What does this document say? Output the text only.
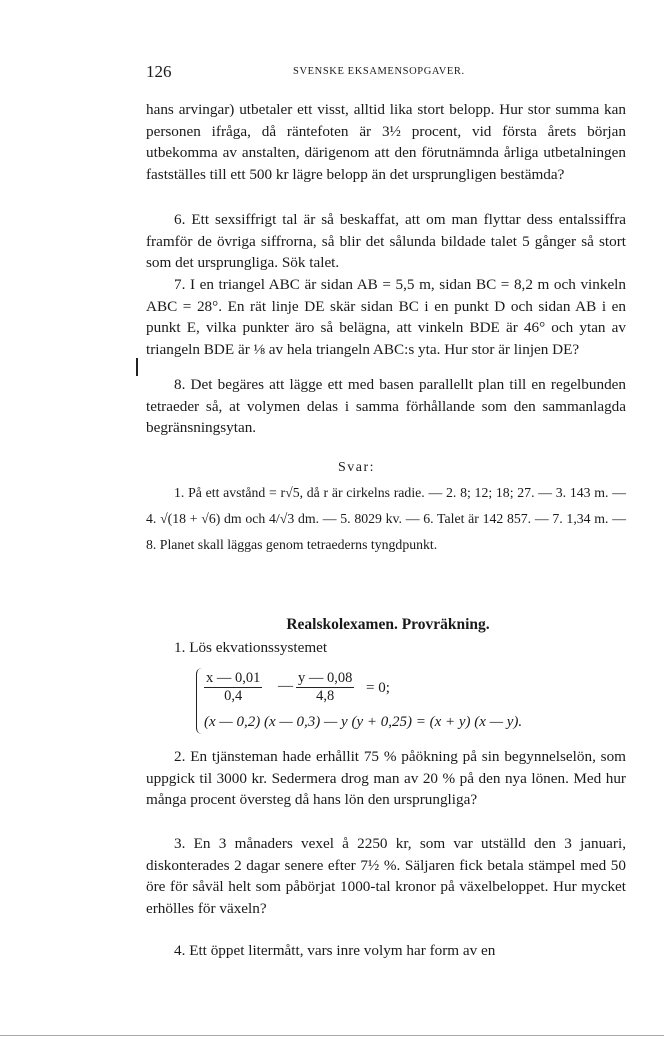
126	SVENSKE EKSAMENSOPGAVER.

hans arvingar) utbetaler ett visst, alltid lika stort belopp. Hur stor summa kan personen ifråga, då räntefoten är 3½ procent, vid första årets början utbekomma av anstalten, därigenom att den förutnämnda årliga utbetalningen fastställes till ett 500 kr lägre belopp än det ursprungligen bestämda?

6. Ett sexsiffrigt tal är så beskaffat, att om man flyttar dess entalssiffra framför de övriga siffrorna, så blir det sålunda bildade talet 5 gånger så stort som det ursprungliga. Sök talet.

7. I en triangel ABC är sidan AB = 5,5 m, sidan BC = 8,2 m och vinkeln ABC = 28°. En rät linje DE skär sidan BC i en punkt D och sidan AB i en punkt E, vilka punkter äro så belägna, att vinkeln BDE är 46° och ytan av triangeln BDE är ⅛ av hela triangeln ABC:s yta. Hur stor är linjen DE?

8. Det begäres att lägge ett med basen parallellt plan till en regelbunden tetraeder så, at volymen delas i samma förhållande som den sammanlagda begränsningsytan.

Svar:

1. På ett avstånd = r√5, då r är cirkelns radie. — 2. 8; 12; 18; 27. — 3. 143 m. — 4. √(18 + √6) dm och 4/√3 dm. — 5. 8029 kv. — 6. Talet är 142 857. — 7. 1,34 m. — 8. Planet skall läggas genom tetraederns tyngdpunkt.

Realskolexamen. Provräkning.

1. Lös ekvationssystemet

$\frac{x — 0,01}{0,4}$ — $\frac{y — 0,08}{4,8} = 0$;
(x — 0,2) (x — 0,3) — y (y + 0,25) = (x + y) (x — y).

2. En tjänsteman hade erhållit 75 % påökning på sin begynnelselön, som uppgick til 3000 kr. Sedermera drog man av 20 % på den nya lönen. Med hur många procent översteg då hans lön den ursprungliga?

3. En 3 månaders vexel å 2250 kr, som var utställd den 3 januari, diskonterades 2 dagar senere efter 7½ %. Säljaren fick betala stämpel med 50 öre för såväl helt som påbörjat 1000-tal kronor på växelbeloppet. Hur mycket erhölles för växeln?

4. Ett öppet litermått, vars inre volym har form av en
